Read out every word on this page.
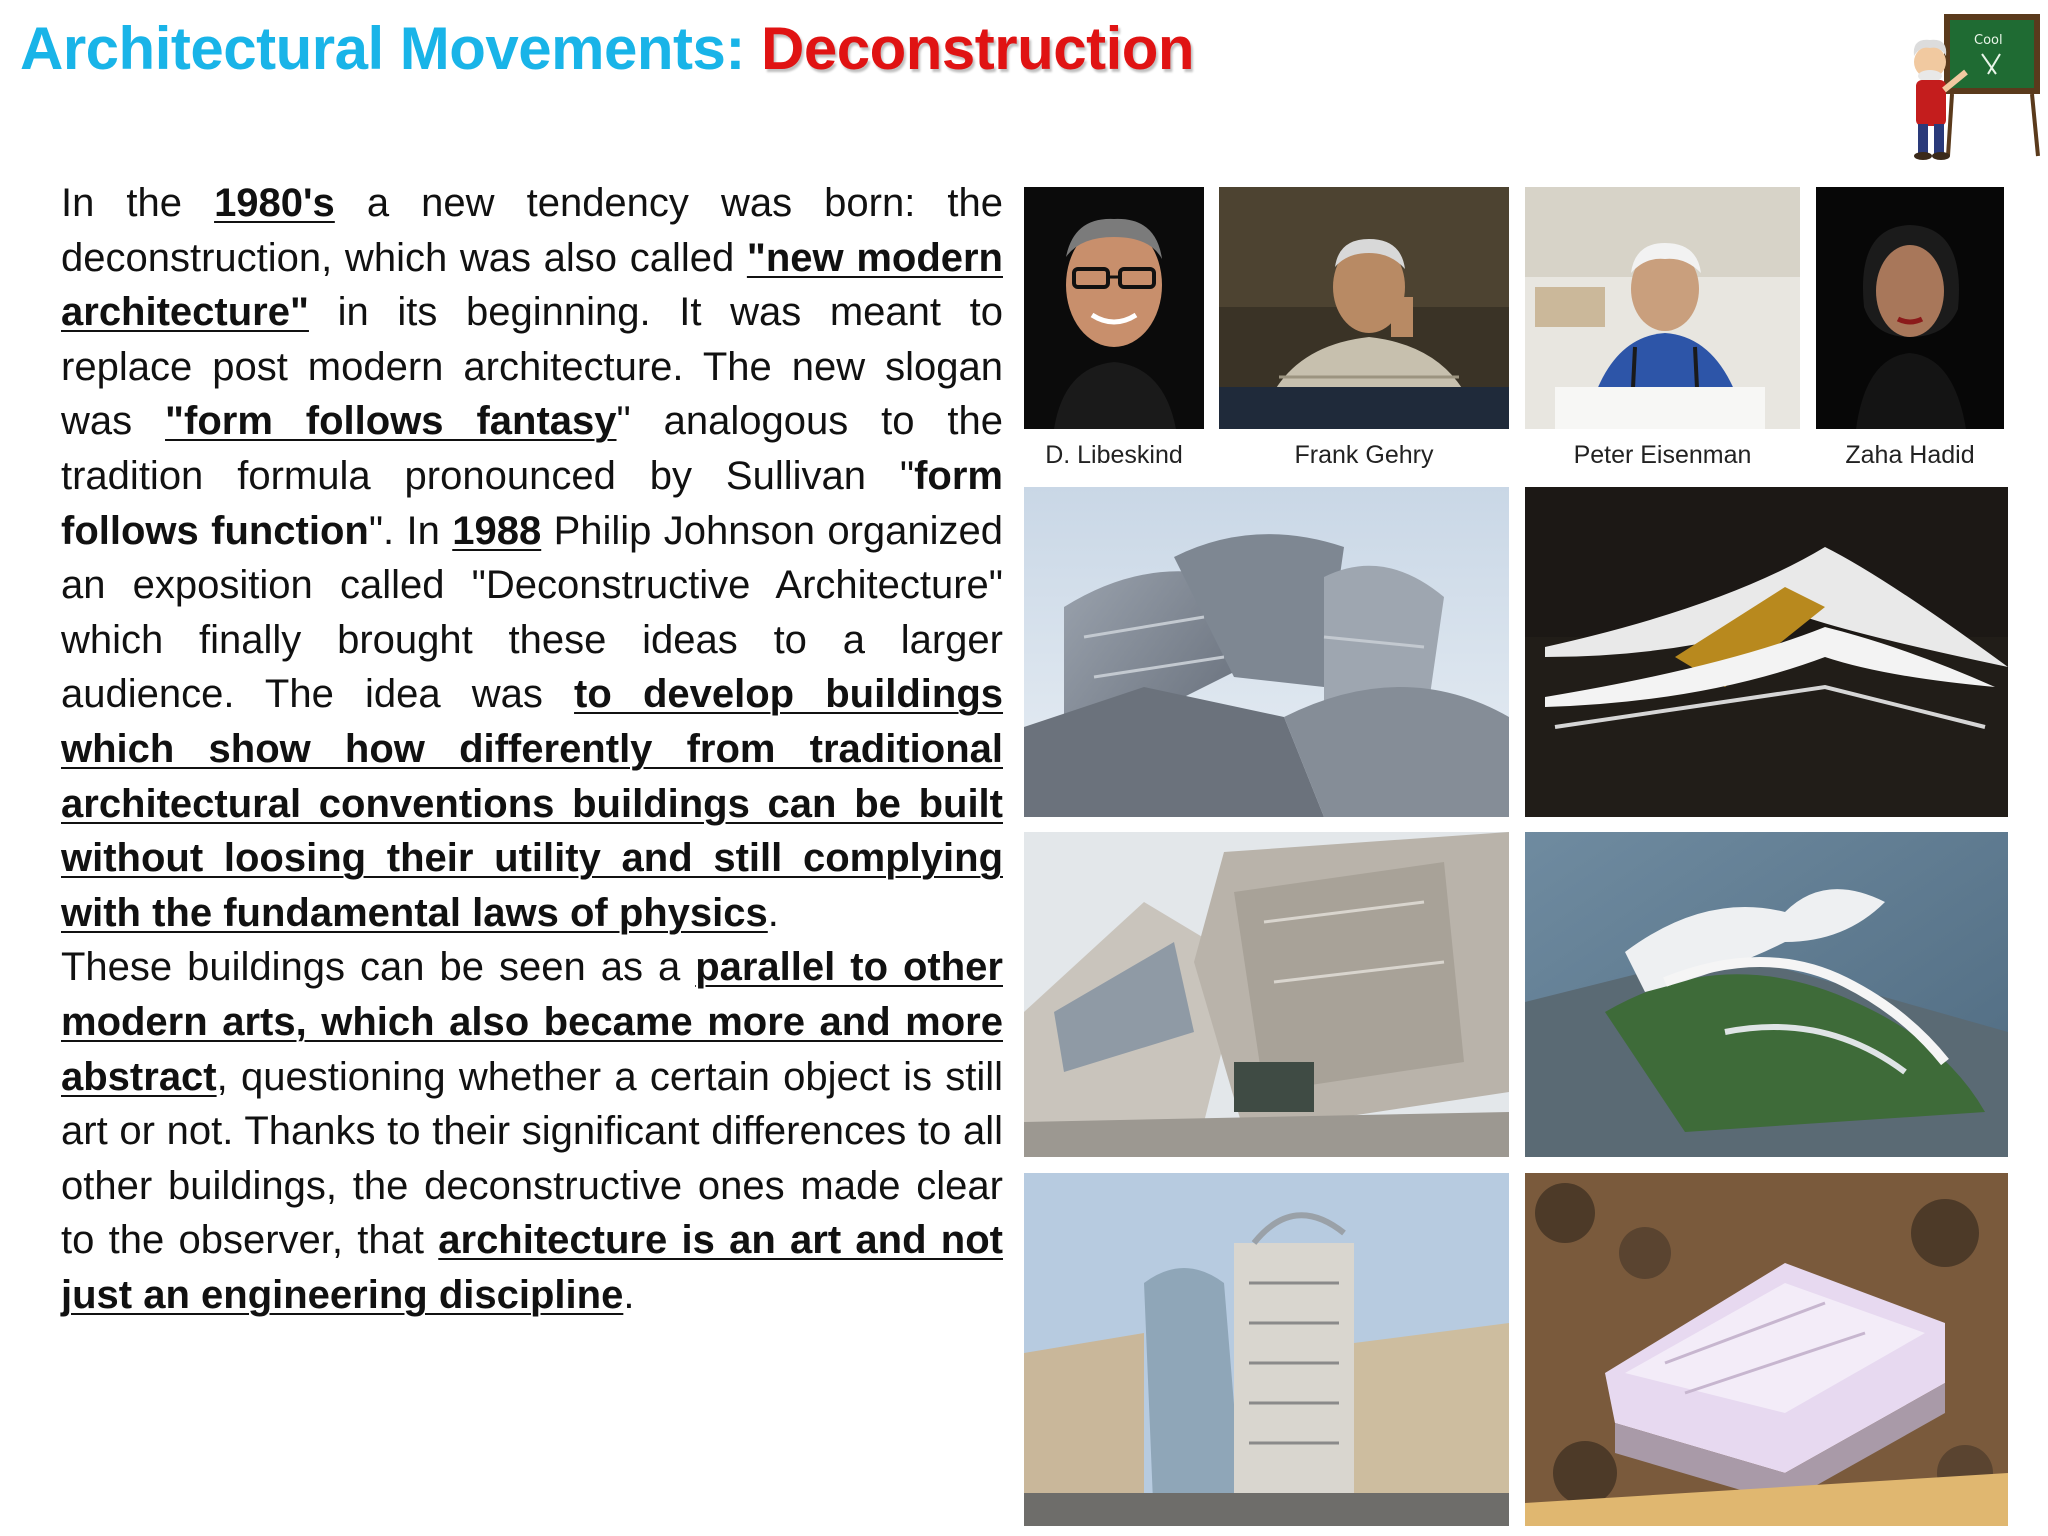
Architectural Movements: Deconstruction	Cool

In the 1980's a new tendency was born: the deconstruction, which was also called "new modern architecture" in its beginning. It was meant to replace post modern architecture. The new slogan was "form follows fantasy" analogous to the tradition formula pronounced by Sullivan "form follows function". In 1988 Philip Johnson organized an exposition called "Deconstructive Architecture" which finally brought these ideas to a larger audience. The idea was to develop buildings which show how differently from traditional architectural conventions buildings can be built without loosing their utility and still complying with the fundamental laws of physics.

These buildings can be seen as a parallel to other modern arts, which also became more and more abstract, questioning whether a certain object is still art or not. Thanks to their significant differences to all other buildings, the deconstructive ones made clear to the observer, that architecture is an art and not just an engineering discipline.

D. Libeskind	Frank Gehry	Peter Eisenman	Zaha Hadid
